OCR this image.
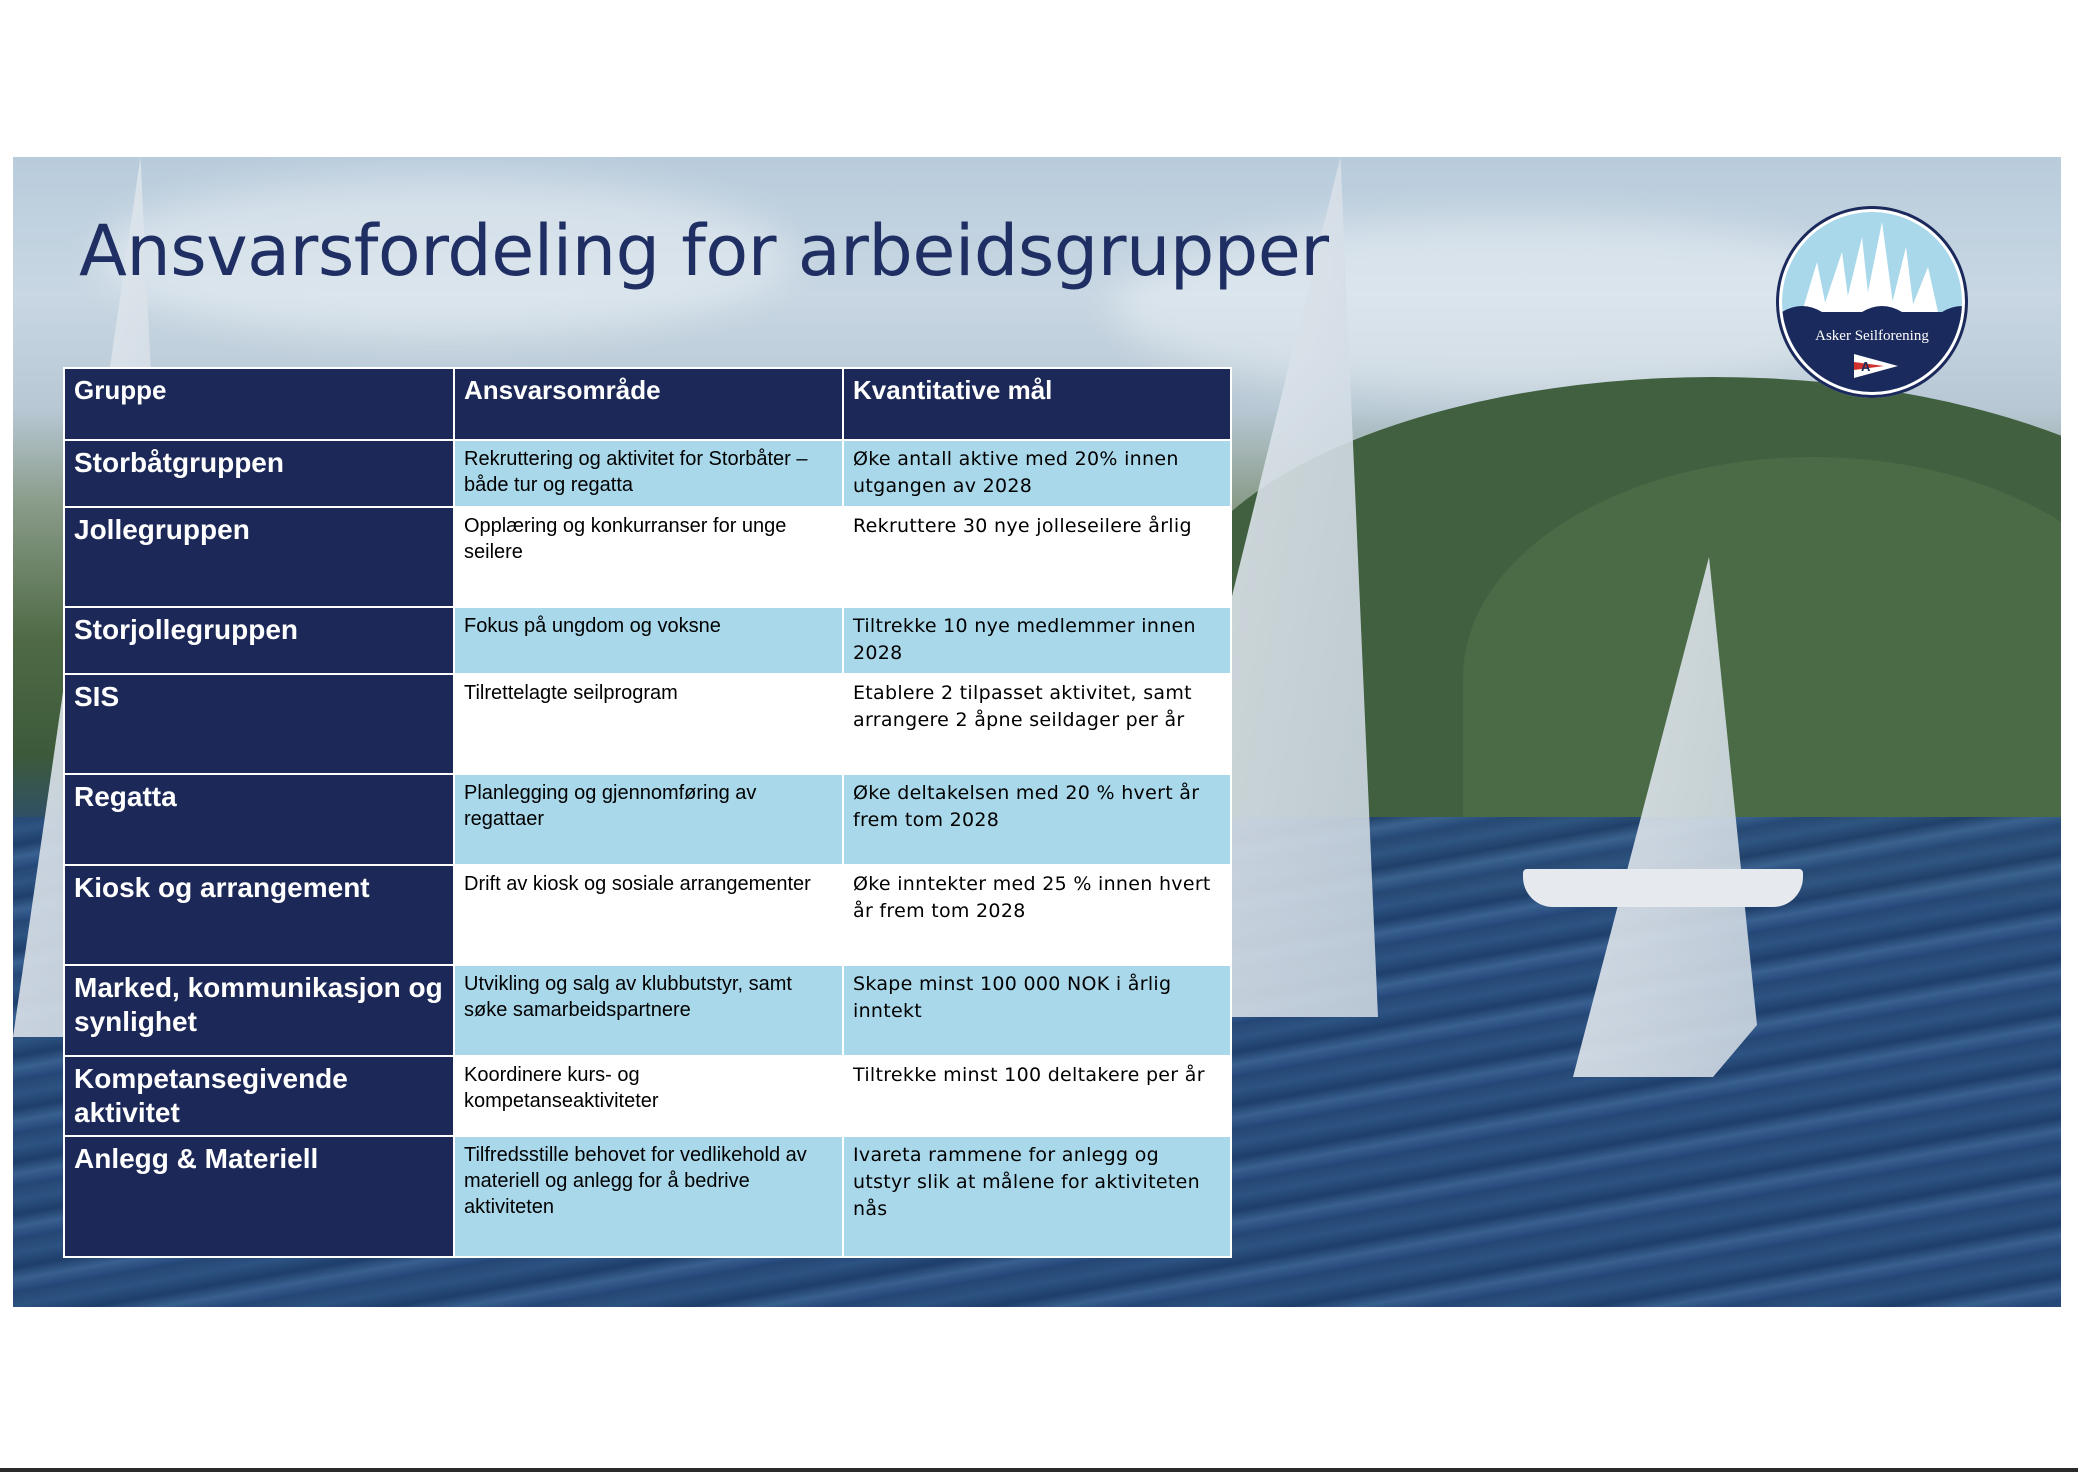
Ansvarsfordeling for arbeidsgrupper
Asker Seilforening
A
Gruppe	Ansvarsområde	Kvantitative mål
Storbåtgruppen	Rekruttering og aktivitet for Storbåter – både tur og regatta	Øke antall aktive med 20% innen utgangen av 2028
Jollegruppen	Opplæring og konkurranser for unge seilere	Rekruttere 30 nye jolleseilere årlig
Storjollegruppen	Fokus på ungdom og voksne	Tiltrekke 10 nye medlemmer innen 2028
SIS	Tilrettelagte seilprogram	Etablere 2 tilpasset aktivitet, samt arrangere 2 åpne seildager per år
Regatta	Planlegging og gjennomføring av regattaer	Øke deltakelsen med 20 % hvert år frem tom 2028
Kiosk og arrangement	Drift av kiosk og sosiale arrangementer	Øke inntekter med 25 % innen hvert år frem tom 2028
Marked, kommunikasjon og synlighet	Utvikling og salg av klubbutstyr, samt søke samarbeidspartnere	Skape minst 100 000 NOK i årlig inntekt
Kompetansegivende aktivitet	Koordinere kurs- og kompetanseaktiviteter	Tiltrekke minst 100 deltakere per år
Anlegg & Materiell	Tilfredsstille behovet for vedlikehold av materiell og anlegg for å bedrive aktiviteten	Ivareta rammene for anlegg og utstyr slik at målene for aktiviteten nås
